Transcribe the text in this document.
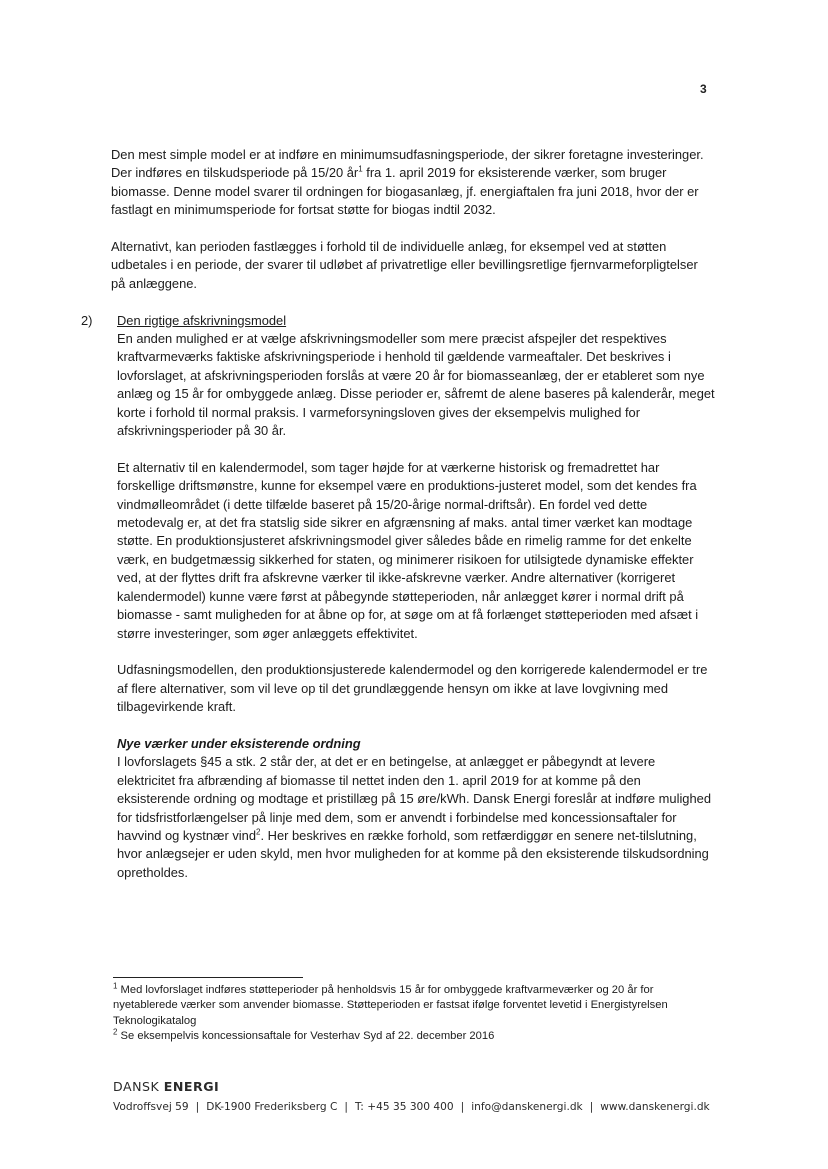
3

Den mest simple model er at indføre en minimumsudfasningsperiode, der sikrer foretagne investeringer. Der indføres en tilskudsperiode på 15/20 $år^1$ fra 1. april 2019 for eksisterende værker, som bruger biomasse. Denne model svarer til ordningen for biogasanlæg, jf. energiaftalen fra juni 2018, hvor der er fastlagt en minimumsperiode for fortsat støtte for biogas indtil 2032.

Alternativt, kan perioden fastlægges i forhold til de individuelle anlæg, for eksempel ved at støtten udbetales i en periode, der svarer til udløbet af privatretlige eller bevillingsretlige fjernvarmeforpligtelser på anlæggene.

2) Den rigtige afskrivningsmodel

En anden mulighed er at vælge afskrivningsmodeller som mere præcist afspejler det respektives kraftvarmeværks faktiske afskrivningsperiode i henhold til gældende varmeaftaler. Det beskrives i lovforslaget, at afskrivningsperioden forslås at være 20 år for biomasseanlæg, der er etableret som nye anlæg og 15 år for ombyggede anlæg. Disse perioder er, såfremt de alene baseres på kalenderår, meget korte i forhold til normal praksis. I varmeforsyningsloven gives der eksempelvis mulighed for afskrivningsperioder på 30 år.

Et alternativ til en kalendermodel, som tager højde for at værkerne historisk og fremadrettet har forskellige driftsmønstre, kunne for eksempel være en produktions-justeret model, som det kendes fra vindmølleområdet (i dette tilfælde baseret på 15/20-årige normal-driftsår). En fordel ved dette metodevalg er, at det fra statslig side sikrer en afgrænsning af maks. antal timer værket kan modtage støtte. En produktionsjusteret afskrivningsmodel giver således både en rimelig ramme for det enkelte værk, en budgetmæssig sikkerhed for staten, og minimerer risikoen for utilsigtede dynamiske effekter ved, at der flyttes drift fra afskrevne værker til ikke-afskrevne værker. Andre alternativer (korrigeret kalendermodel) kunne være først at påbegynde støtteperioden, når anlægget kører i normal drift på biomasse - samt muligheden for at åbne op for, at søge om at få forlænget støtteperioden med afsæt i større investeringer, som øger anlæggets effektivitet.

Udfasningsmodellen, den produktionsjusterede kalendermodel og den korrigerede kalendermodel er tre af flere alternativer, som vil leve op til det grundlæggende hensyn om ikke at lave lovgivning med tilbagevirkende kraft.

Nye værker under eksisterende ordning

I lovforslagets §45 a stk. 2 står der, at det er en betingelse, at anlægget er påbegyndt at levere elektricitet fra afbrænding af biomasse til nettet inden den 1. april 2019 for at komme på den eksisterende ordning og modtage et pristillæg på 15 øre/kWh. Dansk Energi foreslår at indføre mulighed for tidsfristforlængelser på linje med dem, som er anvendt i forbindelse med koncessionsaftaler for havvind og kystnær vind$^2$. Her beskrives en række forhold, som retfærdiggør en senere net-tilslutning, hvor anlægsejer er uden skyld, men hvor muligheden for at komme på den eksisterende tilskudsordning opretholdes.

$^1$ Med lovforslaget indføres støtteperioder på henholdsvis 15 år for ombyggede kraftvarmeværker og 20 år for nyetablerede værker som anvender biomasse. Støtteperioden er fastsat ifølge forventet levetid i Energistyrelsen Teknologikatalog

$^2$ Se eksempelvis koncessionsaftale for Vesterhav Syd af 22. december 2016

DANSK ENERGI
Vodroffsvej 59 | DK-1900 Frederiksberg C | T: +45 35 300 400 | info@danskenergi.dk | www.danskenergi.dk
